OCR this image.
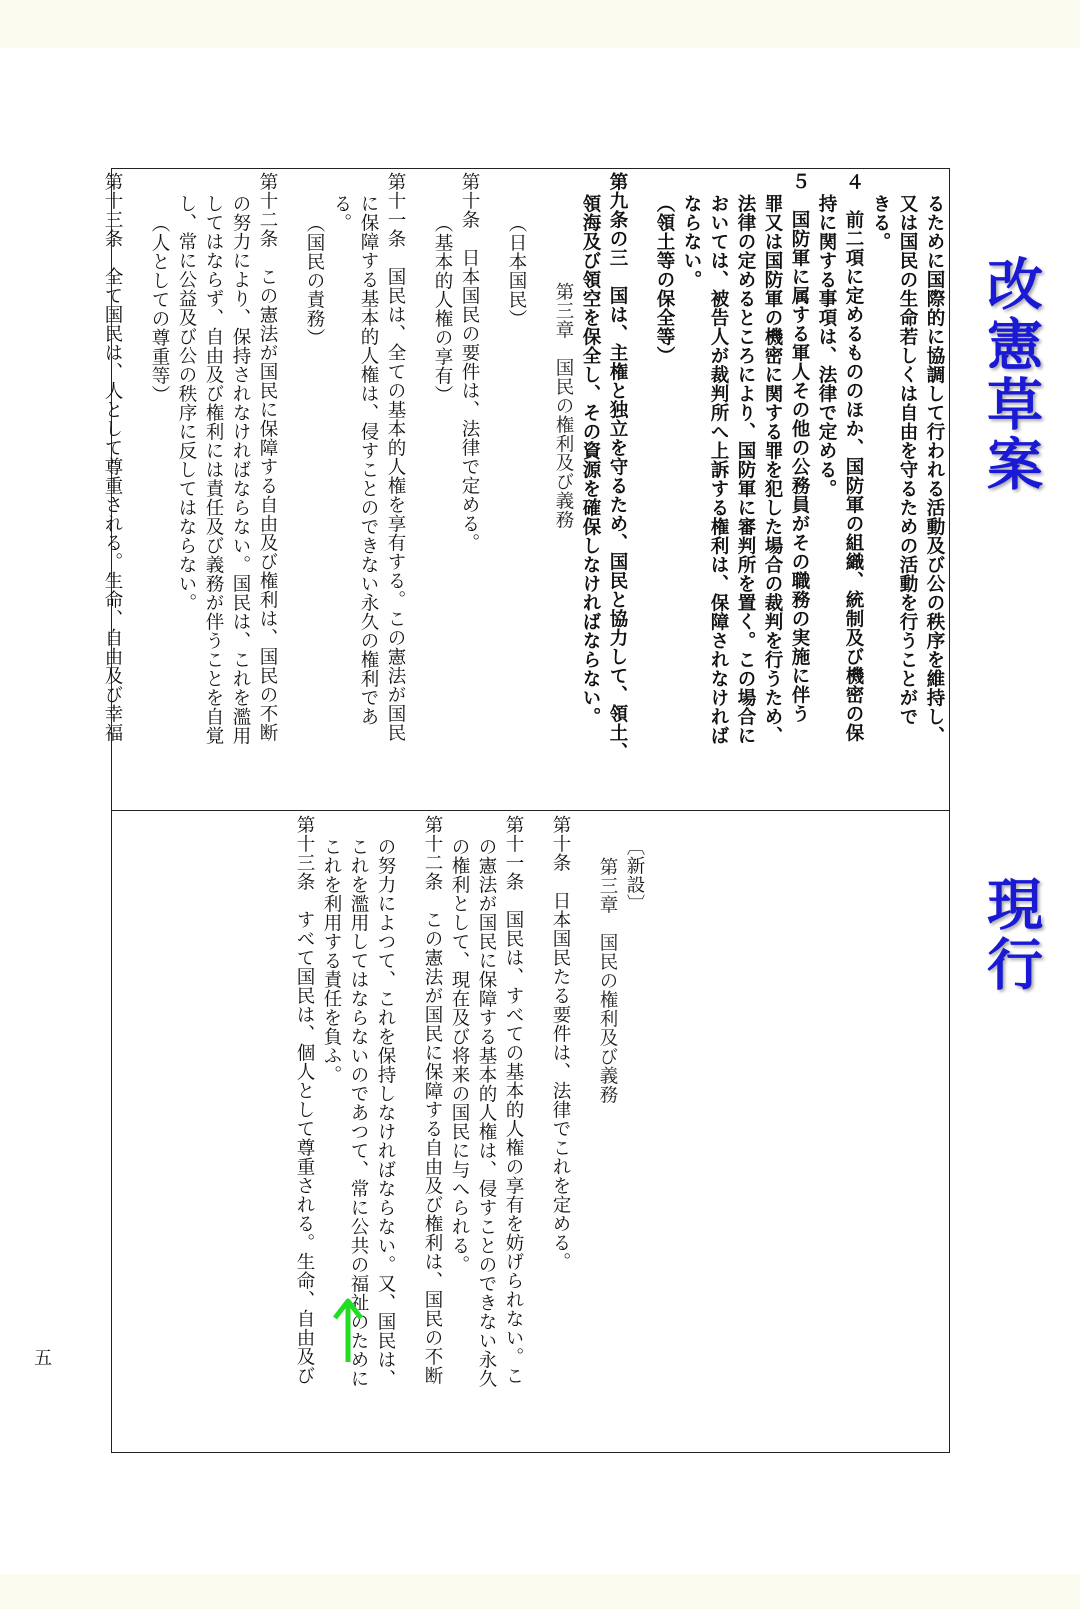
るために国際的に協調して行われる活動及び公の秩序を維持し、
又は国民の生命若しくは自由を守るための活動を行うことがで
きる。
４　前二項に定めるもののほか、国防軍の組織、統制及び機密の保
持に関する事項は、法律で定める。
５　国防軍に属する軍人その他の公務員がその職務の実施に伴う
罪又は国防軍の機密に関する罪を犯した場合の裁判を行うため、
法律の定めるところにより、国防軍に審判所を置く。この場合に
おいては、被告人が裁判所へ上訴する権利は、保障されなければ
ならない。
（領土等の保全等）
第九条の三　国は、主権と独立を守るため、国民と協力して、領土、
領海及び領空を保全し、その資源を確保しなければならない。
第三章　国民の権利及び義務
（日本国民）
第十条　日本国民の要件は、法律で定める。
（基本的人権の享有）
第十一条　国民は、全ての基本的人権を享有する。この憲法が国民
に保障する基本的人権は、侵すことのできない永久の権利であ
る。
（国民の責務）
第十二条　この憲法が国民に保障する自由及び権利は、国民の不断
の努力により、保持されなければならない。国民は、これを濫用
してはならず、自由及び権利には責任及び義務が伴うことを自覚
し、常に公益及び公の秩序に反してはならない。
（人としての尊重等）
第十三条　全て国民は、人として尊重される。生命、自由及び幸福
〔新設〕
第三章　国民の権利及び義務
第十条　日本国民たる要件は、法律でこれを定める。
第十一条　国民は、すべての基本的人権の享有を妨げられない。こ
の憲法が国民に保障する基本的人権は、侵すことのできない永久
の権利として、現在及び将来の国民に与へられる。
第十二条　この憲法が国民に保障する自由及び権利は、国民の不断
の努力によつて、これを保持しなければならない。又、国民は、
これを濫用してはならないのであつて、常に公共の福祉のために
これを利用する責任を負ふ。
第十三条　すべて国民は、個人として尊重される。生命、自由及び
改憲草案
現行
五
